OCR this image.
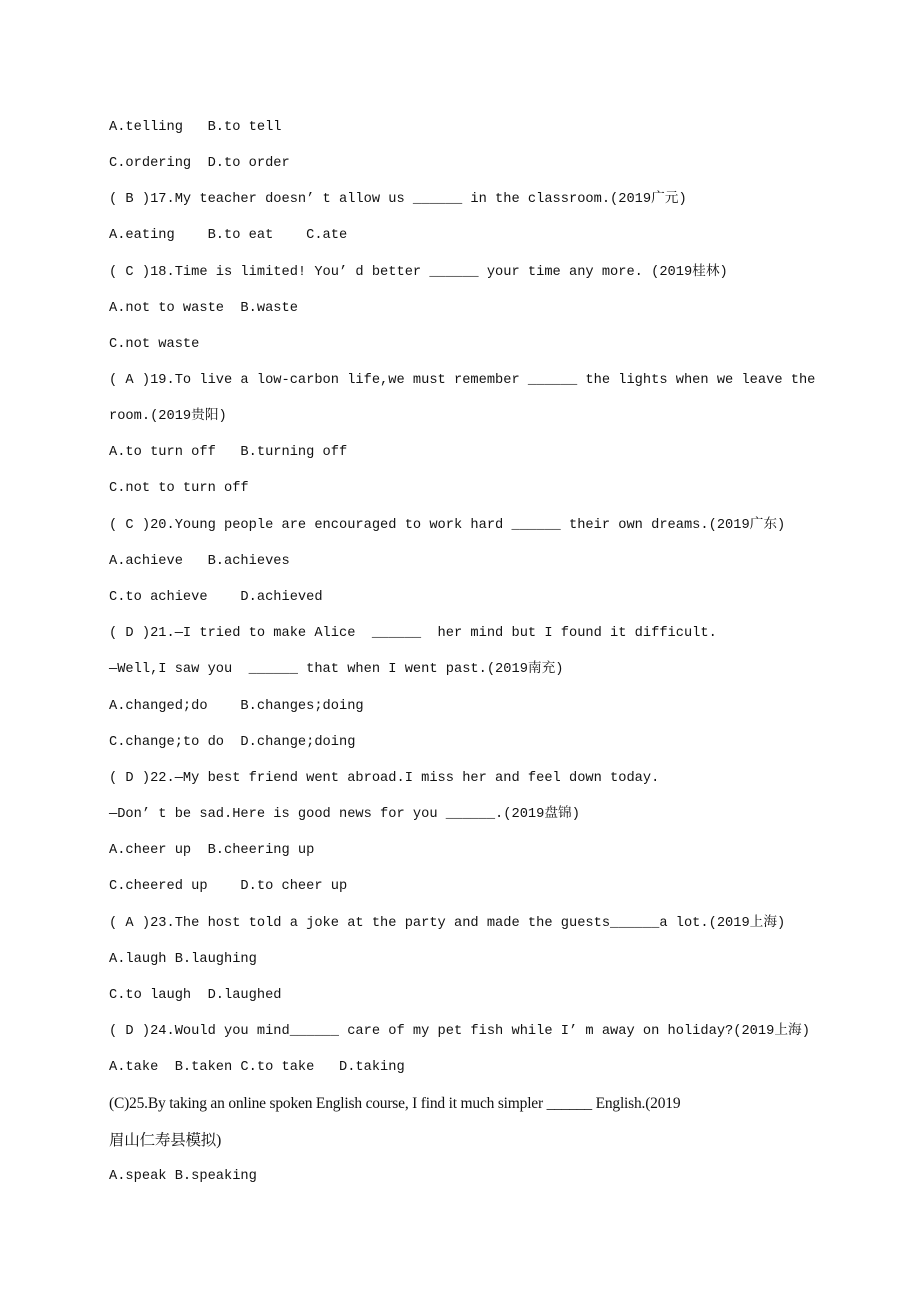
A.telling   B.to tell
C.ordering  D.to order
( B )17.My teacher doesn’ t allow us ______ in the classroom.(2019广元)
A.eating    B.to eat    C.ate
( C )18.Time is limited! You’ d better ______ your time any more. (2019桂林)
A.not to waste  B.waste
C.not waste
( A )19.To live a low-carbon life,we must remember ______ the lights when we leave the
room.(2019贵阳)
A.to turn off   B.turning off
C.not to turn off
( C )20.Young people are encouraged to work hard ______ their own dreams.(2019广东)
A.achieve   B.achieves
C.to achieve    D.achieved
( D )21.—I tried to make Alice  ______  her mind but I found it difficult.
—Well,I saw you  ______ that when I went past.(2019南充)
A.changed;do    B.changes;doing
C.change;to do  D.change;doing
( D )22.—My best friend went abroad.I miss her and feel down today.
—Don’ t be sad.Here is good news for you ______.(2019盘锦)
A.cheer up  B.cheering up
C.cheered up    D.to cheer up
( A )23.The host told a joke at the party and made the guests______a lot.(2019上海)
A.laugh B.laughing
C.to laugh  D.laughed
( D )24.Would you mind______ care of my pet fish while I’ m away on holiday?(2019上海)
A.take  B.taken C.to take   D.taking
(C)25.By taking an online spoken English course, I find it much simpler ______ English.(2019
眉山仁寿县模拟)
A.speak B.speaking
